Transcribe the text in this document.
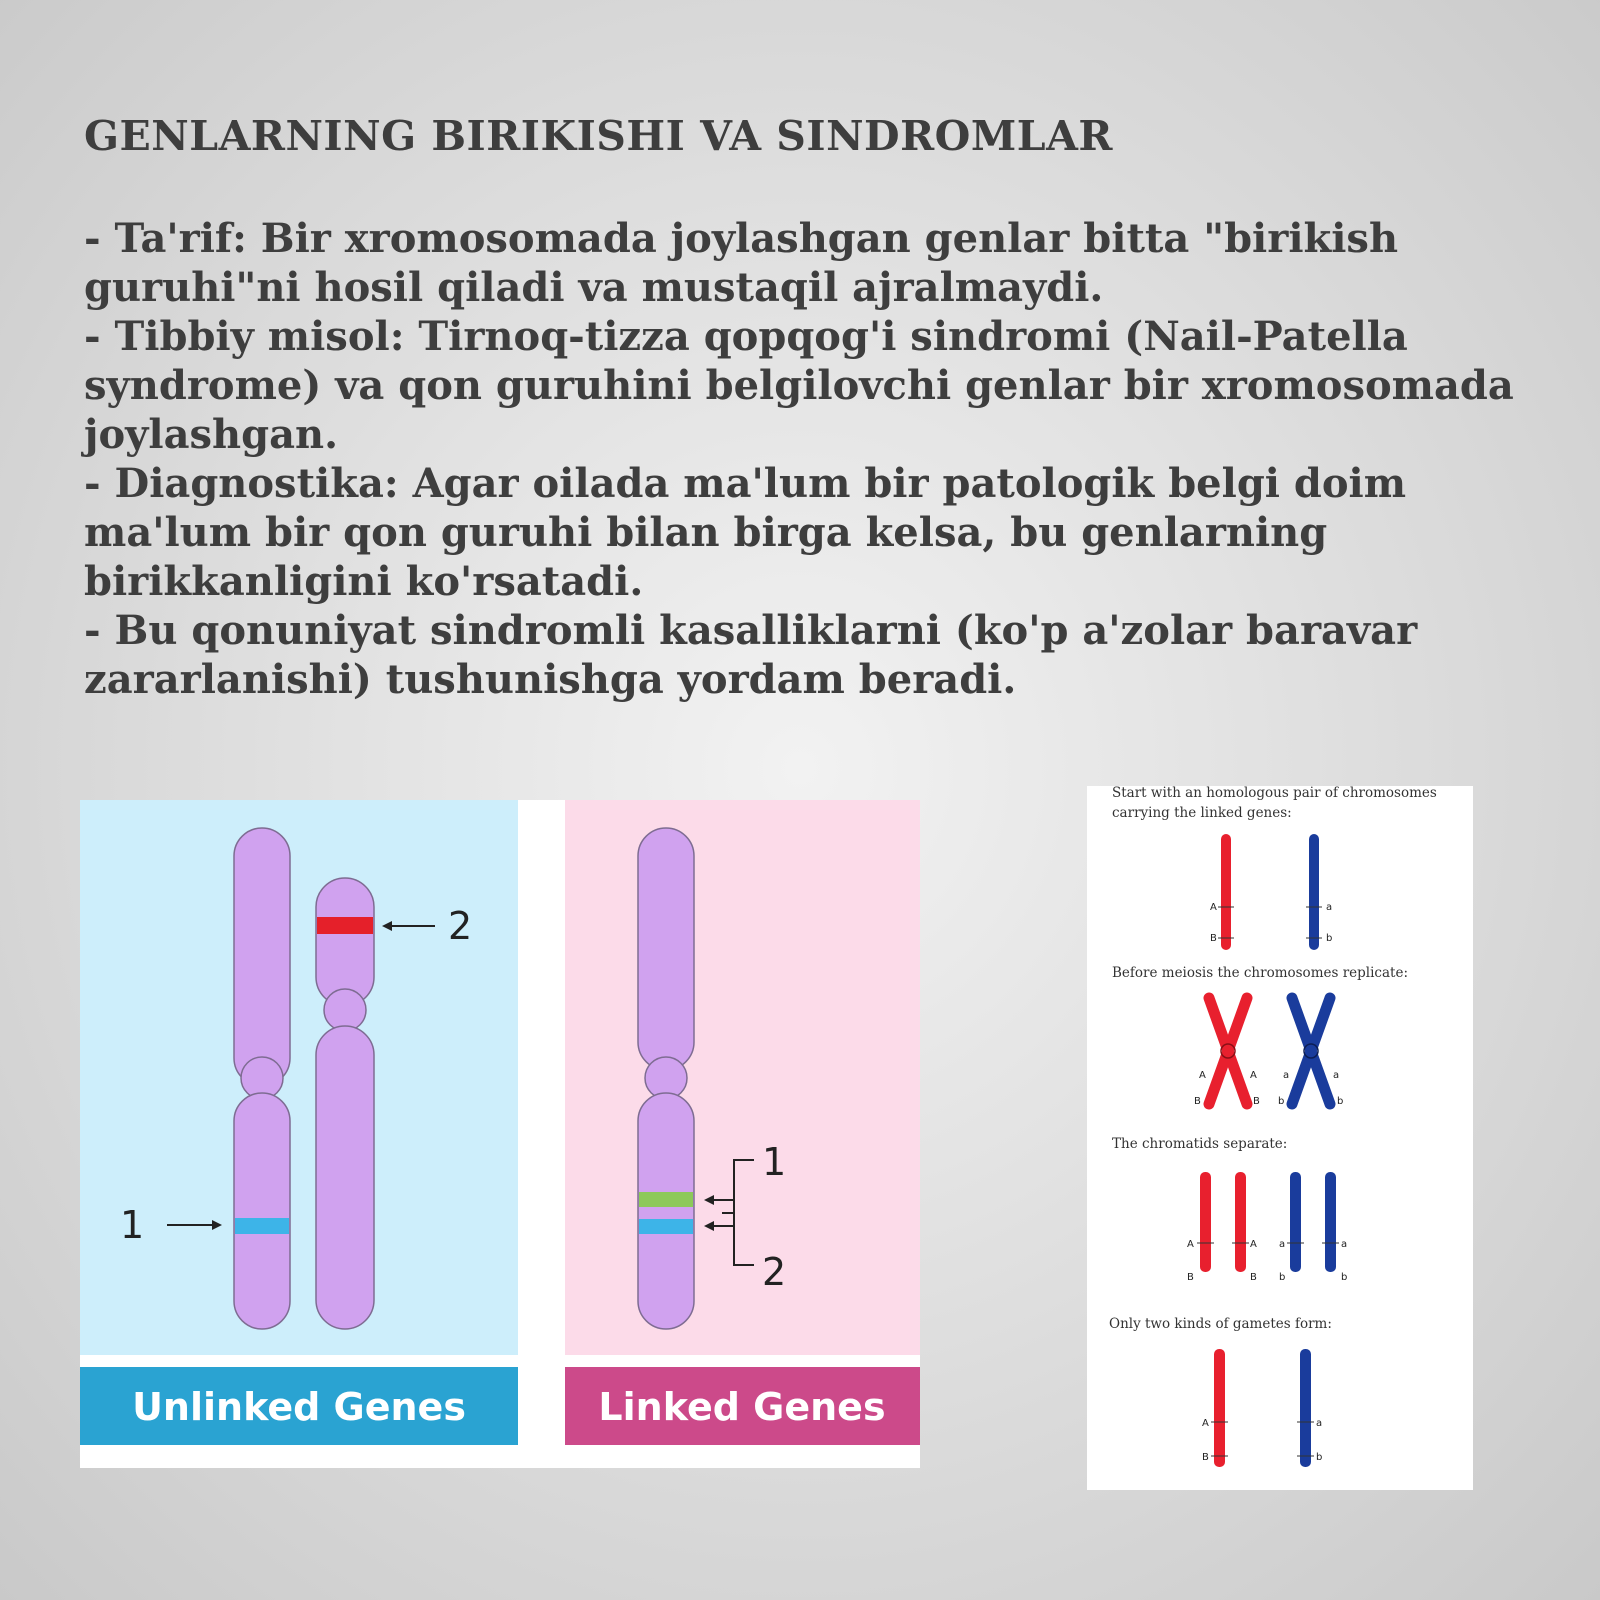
GENLARNING BIRIKISHI VA SINDROMLAR

- Ta'rif: Bir xromosomada joylashgan genlar bitta "birikish guruhi"ni hosil qiladi va mustaqil ajralmaydi.

- Tibbiy misol: Tirnoq-tizza qopqog'i sindromi (Nail-Patella syndrome) va qon guruhini belgilovchi genlar bir xromosomada joylashgan.

- Diagnostika: Agar oilada ma'lum bir patologik belgi doim ma'lum bir qon guruhi bilan birga kelsa, bu genlarning birikkanligini ko'rsatadi.

- Bu qonuniyat sindromli kasalliklarni (ko'p a'zolar baravar zararlanishi) tushunishga yordam beradi.

1
2
Unlinked Genes
1
2
Linked Genes
Start with an homologous pair of chromosomes
carrying the linked genes:
A
B
a
b
Before meiosis the chromosomes replicate:
A	A
B	B
a	a
b	b
The chromatids separate:
A	A a	a
B	B b	b
Only two kinds of gametes form:
A
B
a
b
